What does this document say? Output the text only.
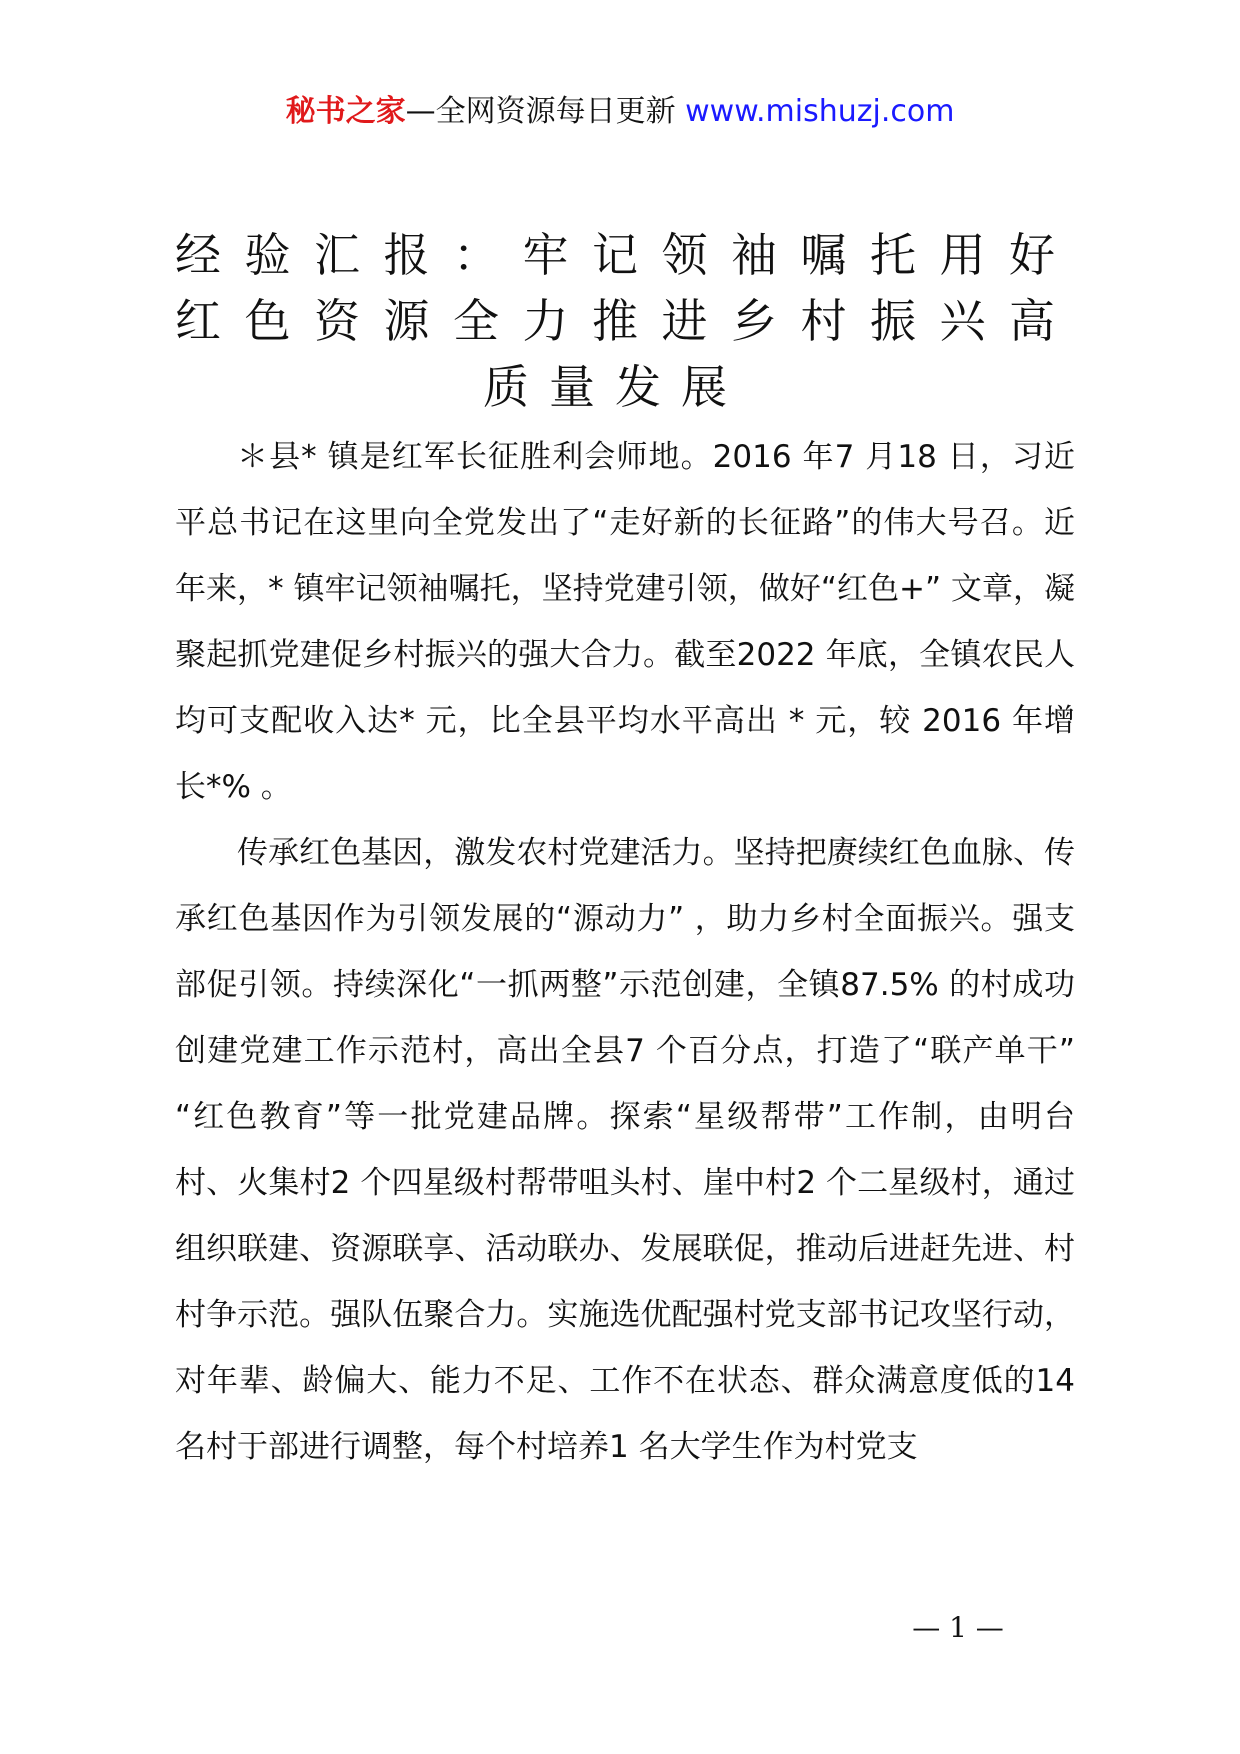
秘书之家—全网资源每日更新 www.mishuzj.com
经验汇报：牢记领袖嘱托用好
红色资源全力推进乡村振兴高
质量发展

＊县* 镇是红军长征胜利会师地。2016 年7 月18 日，习近平总书记在这里向全党发出了“走好新的长征路”的伟大号召。近年来，* 镇牢记领袖嘱托，坚持党建引领，做好“红色+” 文章，凝聚起抓党建促乡村振兴的强大合力。截至2022 年底，全镇农民人均可支配收入达* 元，比全县平均水平高出 * 元，较 2016 年增长*% 。

传承红色基因，激发农村党建活力。坚持把赓续红色血脉、传承红色基因作为引领发展的“源动力” ，助力乡村全面振兴。强支部促引领。持续深化“一抓两整”示范创建，全镇87.5% 的村成功创建党建工作示范村，高出全县7 个百分点，打造了“联产单干” “红色教育”等一批党建品牌。探索“星级帮带”工作制，由明台村、火集村2 个四星级村帮带咀头村、崖中村2 个二星级村，通过组织联建、资源联享、活动联办、发展联促，推动后进赶先进、村村争示范。强队伍聚合力。实施选优配强村党支部书记攻坚行动，对年辈、龄偏大、能力不足、工作不在状态、群众满意度低的14 名村于部进行调整，每个村培养1 名大学生作为村党支

— 1 —
